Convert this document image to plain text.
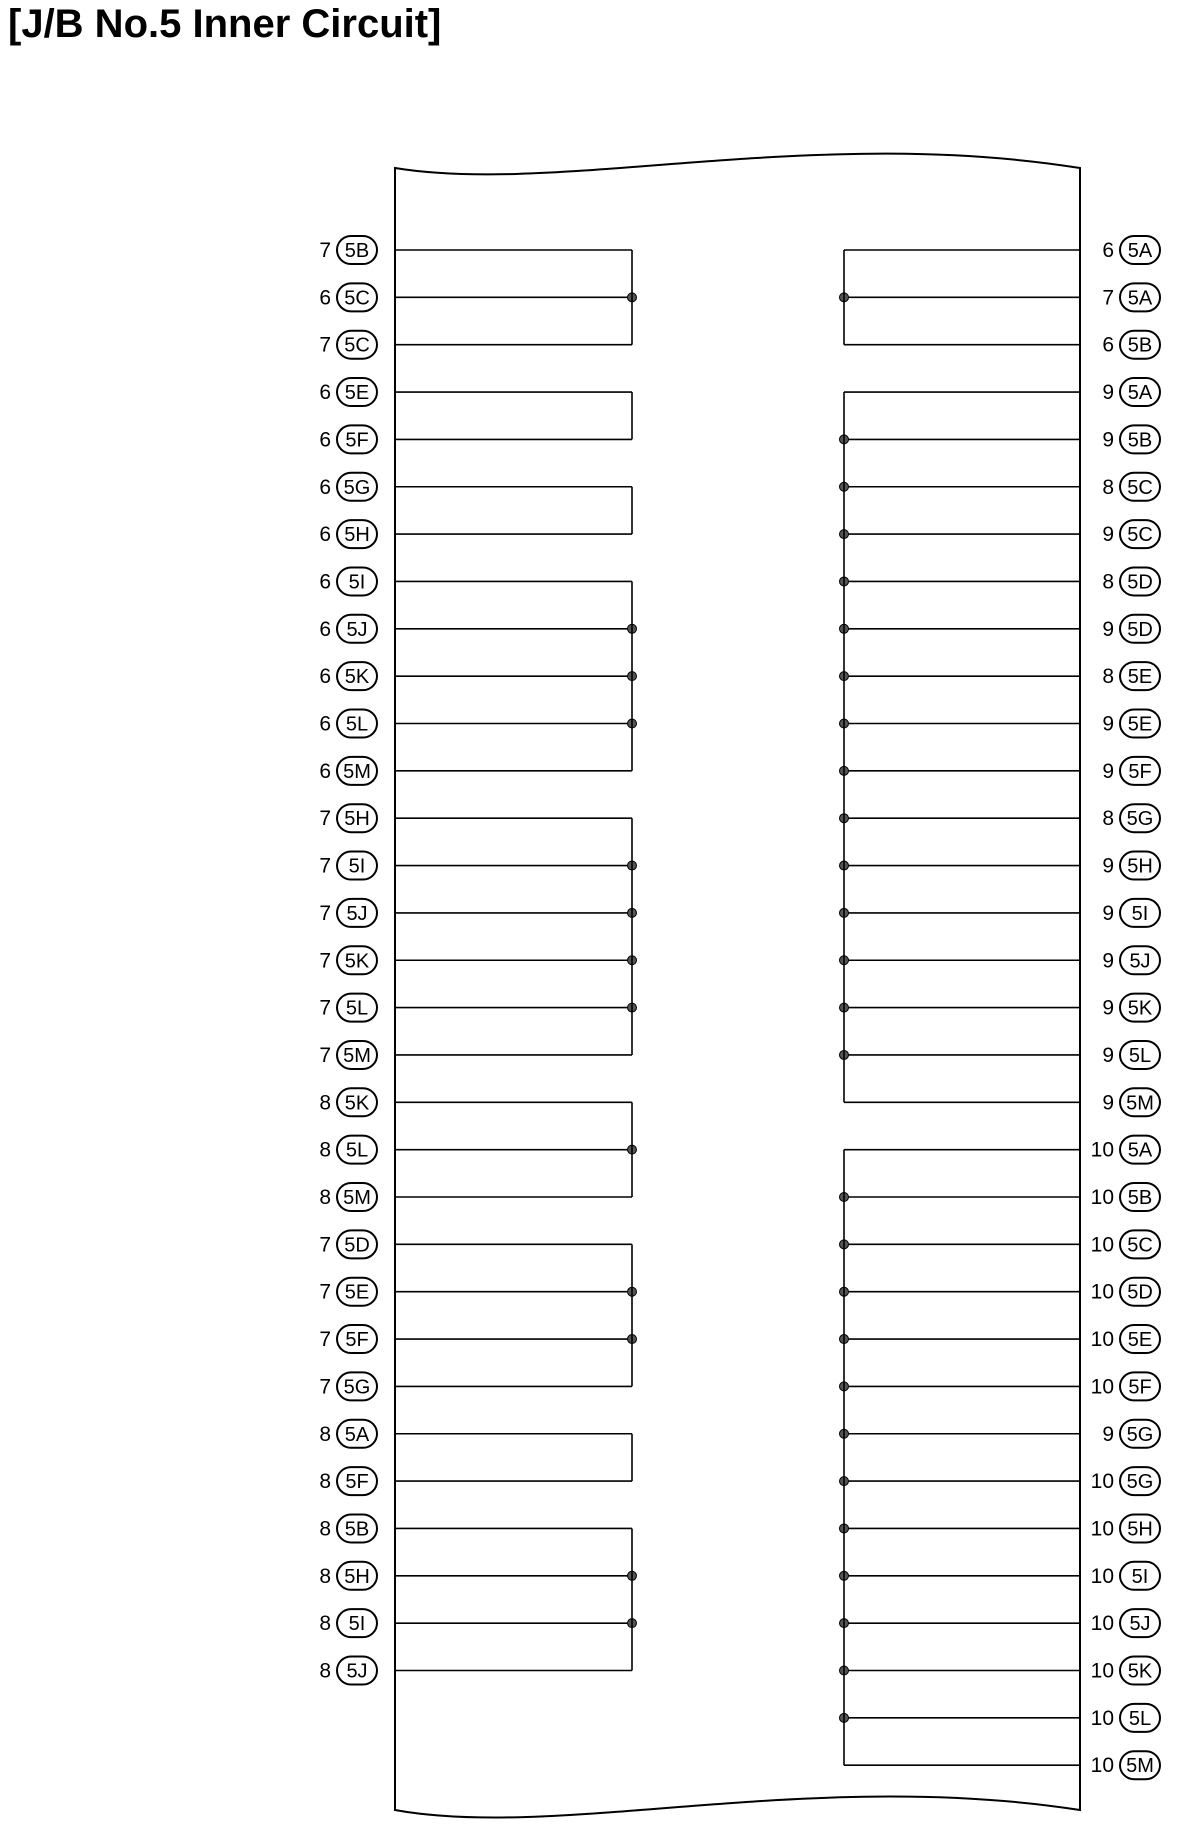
[J/B No.5 Inner Circuit]
7 5B
6 5C
7 5C
6 5E
6 5F
6 5G
6 5H
6 5I
6 5J
6 5K
6 5L
6 5M
7 5H
7 5I
7 5J
7 5K
7 5L
7 5M
8 5K
8 5L
8 5M
7 5D
7 5E
7 5F
7 5G
8 5A
8 5F
8 5B
8 5H
8 5I
8 5J
6 5A
7 5A
6 5B
9 5A
9 5B
8 5C
9 5C
8 5D
9 5D
8 5E
9 5E
9 5F
8 5G
9 5H
9 5I
9 5J
9 5K
9 5L
9 5M
10 5A
10 5B
10 5C
10 5D
10 5E
10 5F
9 5G
10 5G
10 5H
10 5I
10 5J
10 5K
10 5L
10 5M
